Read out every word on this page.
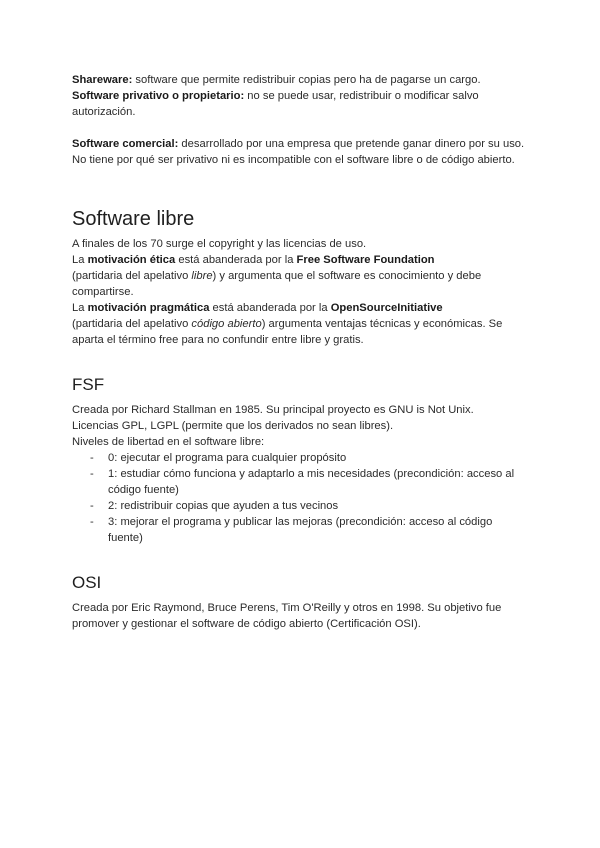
Shareware: software que permite redistribuir copias pero ha de pagarse un cargo.

Software privativo o propietario: no se puede usar, redistribuir o modificar salvo autorización.

Software comercial: desarrollado por una empresa que pretende ganar dinero por su uso. No tiene por qué ser privativo ni es incompatible con el software libre o de código abierto.

Software libre

A finales de los 70 surge el copyright y las licencias de uso.

La motivación ética está abanderada por la Free Software Foundation
(partidaria del apelativo libre) y argumenta que el software es conocimiento y debe compartirse.

La motivación pragmática está abanderada por la OpenSourceInitiative
(partidaria del apelativo código abierto) argumenta ventajas técnicas y económicas. Se aparta el término free para no confundir entre libre y gratis.

FSF

Creada por Richard Stallman en 1985. Su principal proyecto es GNU is Not Unix.

Licencias GPL, LGPL (permite que los derivados no sean libres).

Niveles de libertad en el software libre:

- 0: ejecutar el programa para cualquier propósito
- 1: estudiar cómo funciona y adaptarlo a mis necesidades (precondición: acceso al código fuente)
- 2: redistribuir copias que ayuden a tus vecinos
- 3: mejorar el programa y publicar las mejoras (precondición: acceso al código fuente)
OSI

Creada por Eric Raymond, Bruce Perens, Tim O'Reilly y otros en 1998. Su objetivo fue promover y gestionar el software de código abierto (Certificación OSI).
